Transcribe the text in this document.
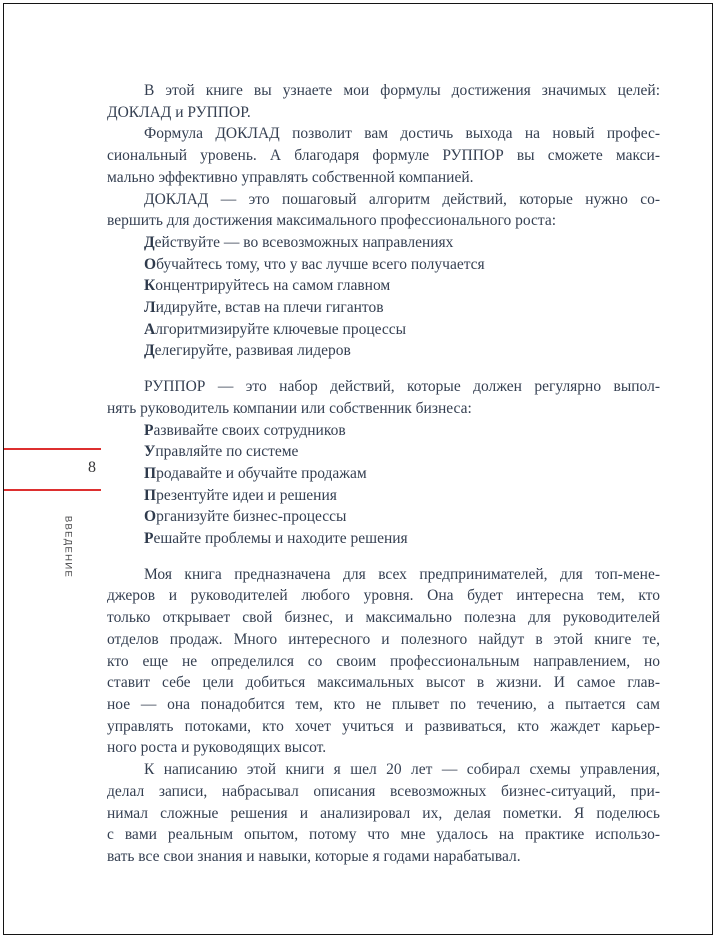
8
ВВЕДЕНИЕ
В этой книге вы узнаете мои формулы достижения значимых целей:
ДОКЛАД и РУППОР.
Формула ДОКЛАД позволит вам достичь выхода на новый профес-
сиональный уровень. А благодаря формуле РУППОР вы сможете макси-
мально эффективно управлять собственной компанией.
ДОКЛАД — это пошаговый алгоритм действий, которые нужно со-
вершить для достижения максимального профессионального роста:
Действуйте — во всевозможных направлениях
Обучайтесь тому, что у вас лучше всего получается
Концентрируйтесь на самом главном
Лидируйте, встав на плечи гигантов
Алгоритмизируйте ключевые процессы
Делегируйте, развивая лидеров
РУППОР — это набор действий, которые должен регулярно выпол-
нять руководитель компании или собственник бизнеса:
Развивайте своих сотрудников
Управляйте по системе
Продавайте и обучайте продажам
Презентуйте идеи и решения
Организуйте бизнес-процессы
Решайте проблемы и находите решения
Моя книга предназначена для всех предпринимателей, для топ-мене-
джеров и руководителей любого уровня. Она будет интересна тем, кто
только открывает свой бизнес, и максимально полезна для руководителей
отделов продаж. Много интересного и полезного найдут в этой книге те,
кто еще не определился со своим профессиональным направлением, но
ставит себе цели добиться максимальных высот в жизни. И самое глав-
ное — она понадобится тем, кто не плывет по течению, а пытается сам
управлять потоками, кто хочет учиться и развиваться, кто жаждет карьер-
ного роста и руководящих высот.
К написанию этой книги я шел 20 лет — собирал схемы управления,
делал записи, набрасывал описания всевозможных бизнес-ситуаций, при-
нимал сложные решения и анализировал их, делая пометки. Я поделюсь
с вами реальным опытом, потому что мне удалось на практике использо-
вать все свои знания и навыки, которые я годами нарабатывал.
